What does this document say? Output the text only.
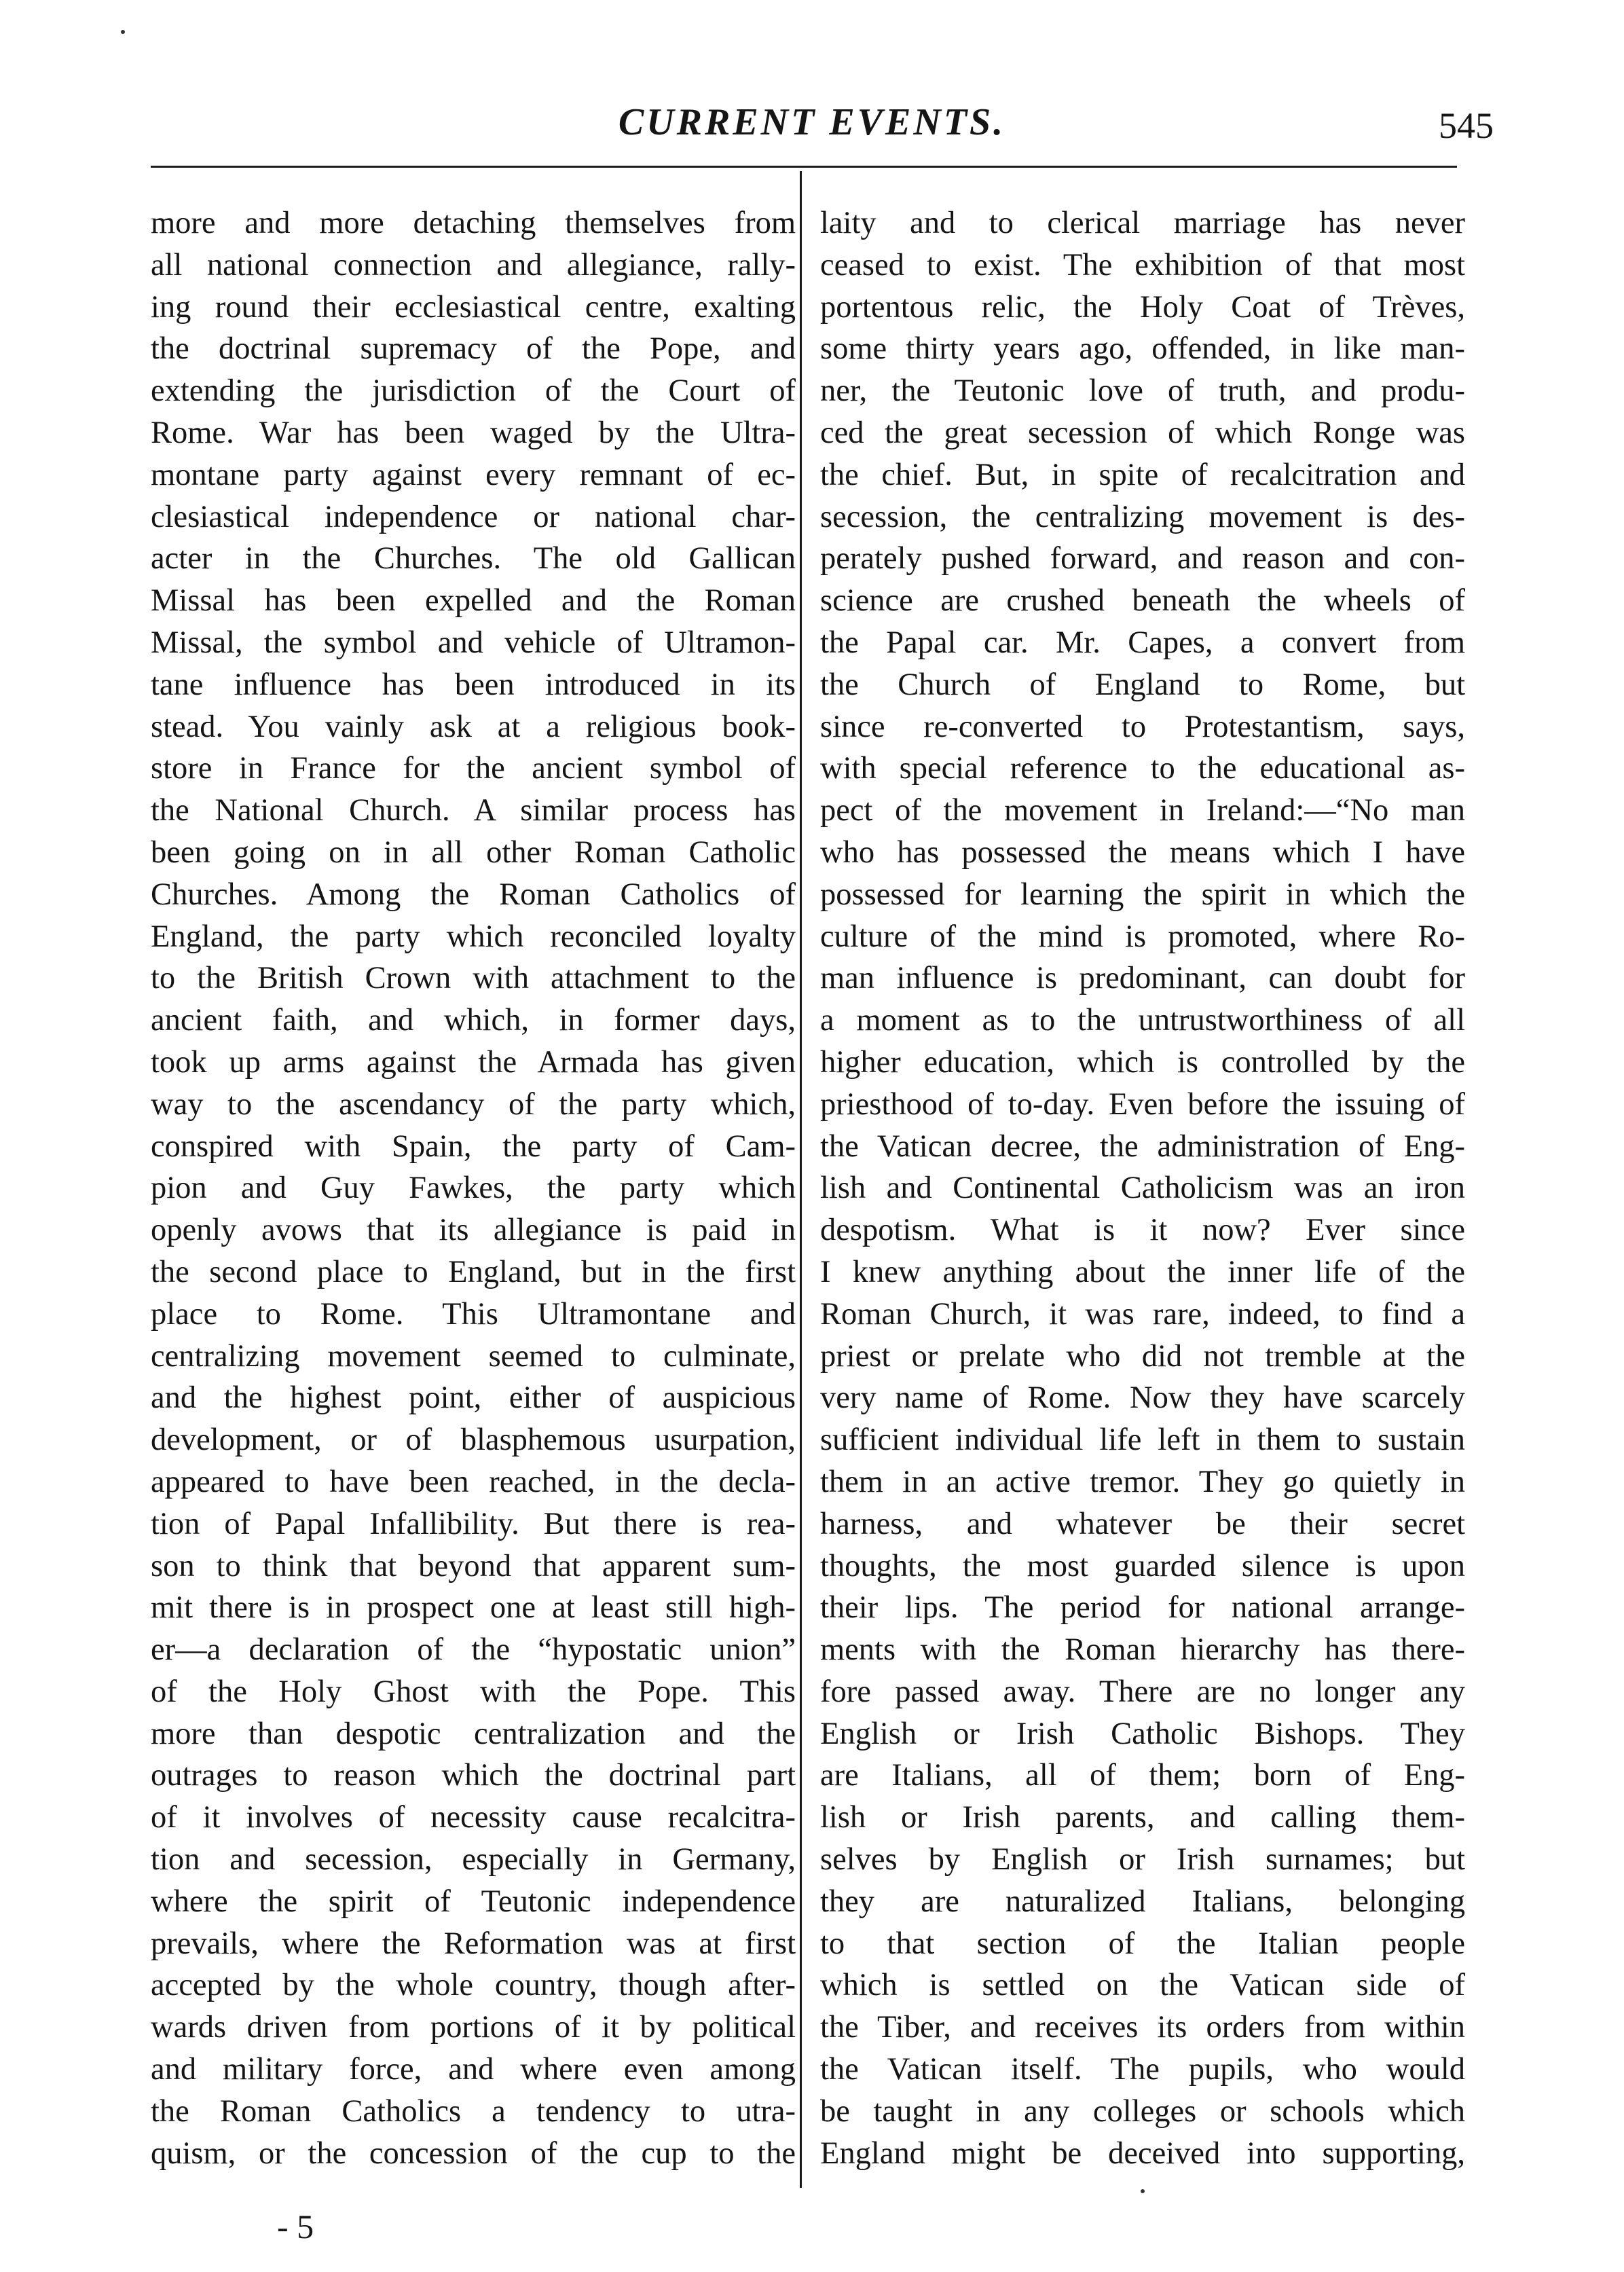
CURRENT EVENTS.	545
more and more detaching themselves from
all national connection and allegiance, rally-
ing round their ecclesiastical centre, exalting
the doctrinal supremacy of the Pope, and
extending the jurisdiction of the Court of
Rome. War has been waged by the Ultra-
montane party against every remnant of ec-
clesiastical independence or national char-
acter in the Churches. The old Gallican
Missal has been expelled and the Roman
Missal, the symbol and vehicle of Ultramon-
tane influence has been introduced in its
stead. You vainly ask at a religious book-
store in France for the ancient symbol of
the National Church. A similar process has
been going on in all other Roman Catholic
Churches. Among the Roman Catholics of
England, the party which reconciled loyalty
to the British Crown with attachment to the
ancient faith, and which, in former days,
took up arms against the Armada has given
way to the ascendancy of the party which,
conspired with Spain, the party of Cam-
pion and Guy Fawkes, the party which
openly avows that its allegiance is paid in
the second place to England, but in the first
place to Rome. This Ultramontane and
centralizing movement seemed to culminate,
and the highest point, either of auspicious
development, or of blasphemous usurpation,
appeared to have been reached, in the decla-
tion of Papal Infallibility. But there is rea-
son to think that beyond that apparent sum-
mit there is in prospect one at least still high-
er—a declaration of the “hypostatic union”
of the Holy Ghost with the Pope. This
more than despotic centralization and the
outrages to reason which the doctrinal part
of it involves of necessity cause recalcitra-
tion and secession, especially in Germany,
where the spirit of Teutonic independence
prevails, where the Reformation was at first
accepted by the whole country, though after-
wards driven from portions of it by political
and military force, and where even among
the Roman Catholics a tendency to utra-
quism, or the concession of the cup to the
laity and to clerical marriage has never
ceased to exist. The exhibition of that most
portentous relic, the Holy Coat of Trèves,
some thirty years ago, offended, in like man-
ner, the Teutonic love of truth, and produ-
ced the great secession of which Ronge was
the chief. But, in spite of recalcitration and
secession, the centralizing movement is des-
perately pushed forward, and reason and con-
science are crushed beneath the wheels of
the Papal car. Mr. Capes, a convert from
the Church of England to Rome, but
since re-converted to Protestantism, says,
with special reference to the educational as-
pect of the movement in Ireland:—“No man
who has possessed the means which I have
possessed for learning the spirit in which the
culture of the mind is promoted, where Ro-
man influence is predominant, can doubt for
a moment as to the untrustworthiness of all
higher education, which is controlled by the
priesthood of to-day. Even before the issuing of
the Vatican decree, the administration of Eng-
lish and Continental Catholicism was an iron
despotism. What is it now? Ever since
I knew anything about the inner life of the
Roman Church, it was rare, indeed, to find a
priest or prelate who did not tremble at the
very name of Rome. Now they have scarcely
sufficient individual life left in them to sustain
them in an active tremor. They go quietly in
harness, and whatever be their secret
thoughts, the most guarded silence is upon
their lips. The period for national arrange-
ments with the Roman hierarchy has there-
fore passed away. There are no longer any
English or Irish Catholic Bishops. They
are Italians, all of them; born of Eng-
lish or Irish parents, and calling them-
selves by English or Irish surnames; but
they are naturalized Italians, belonging
to that section of the Italian people
which is settled on the Vatican side of
the Tiber, and receives its orders from within
the Vatican itself. The pupils, who would
be taught in any colleges or schools which
England might be deceived into supporting,
- 5
